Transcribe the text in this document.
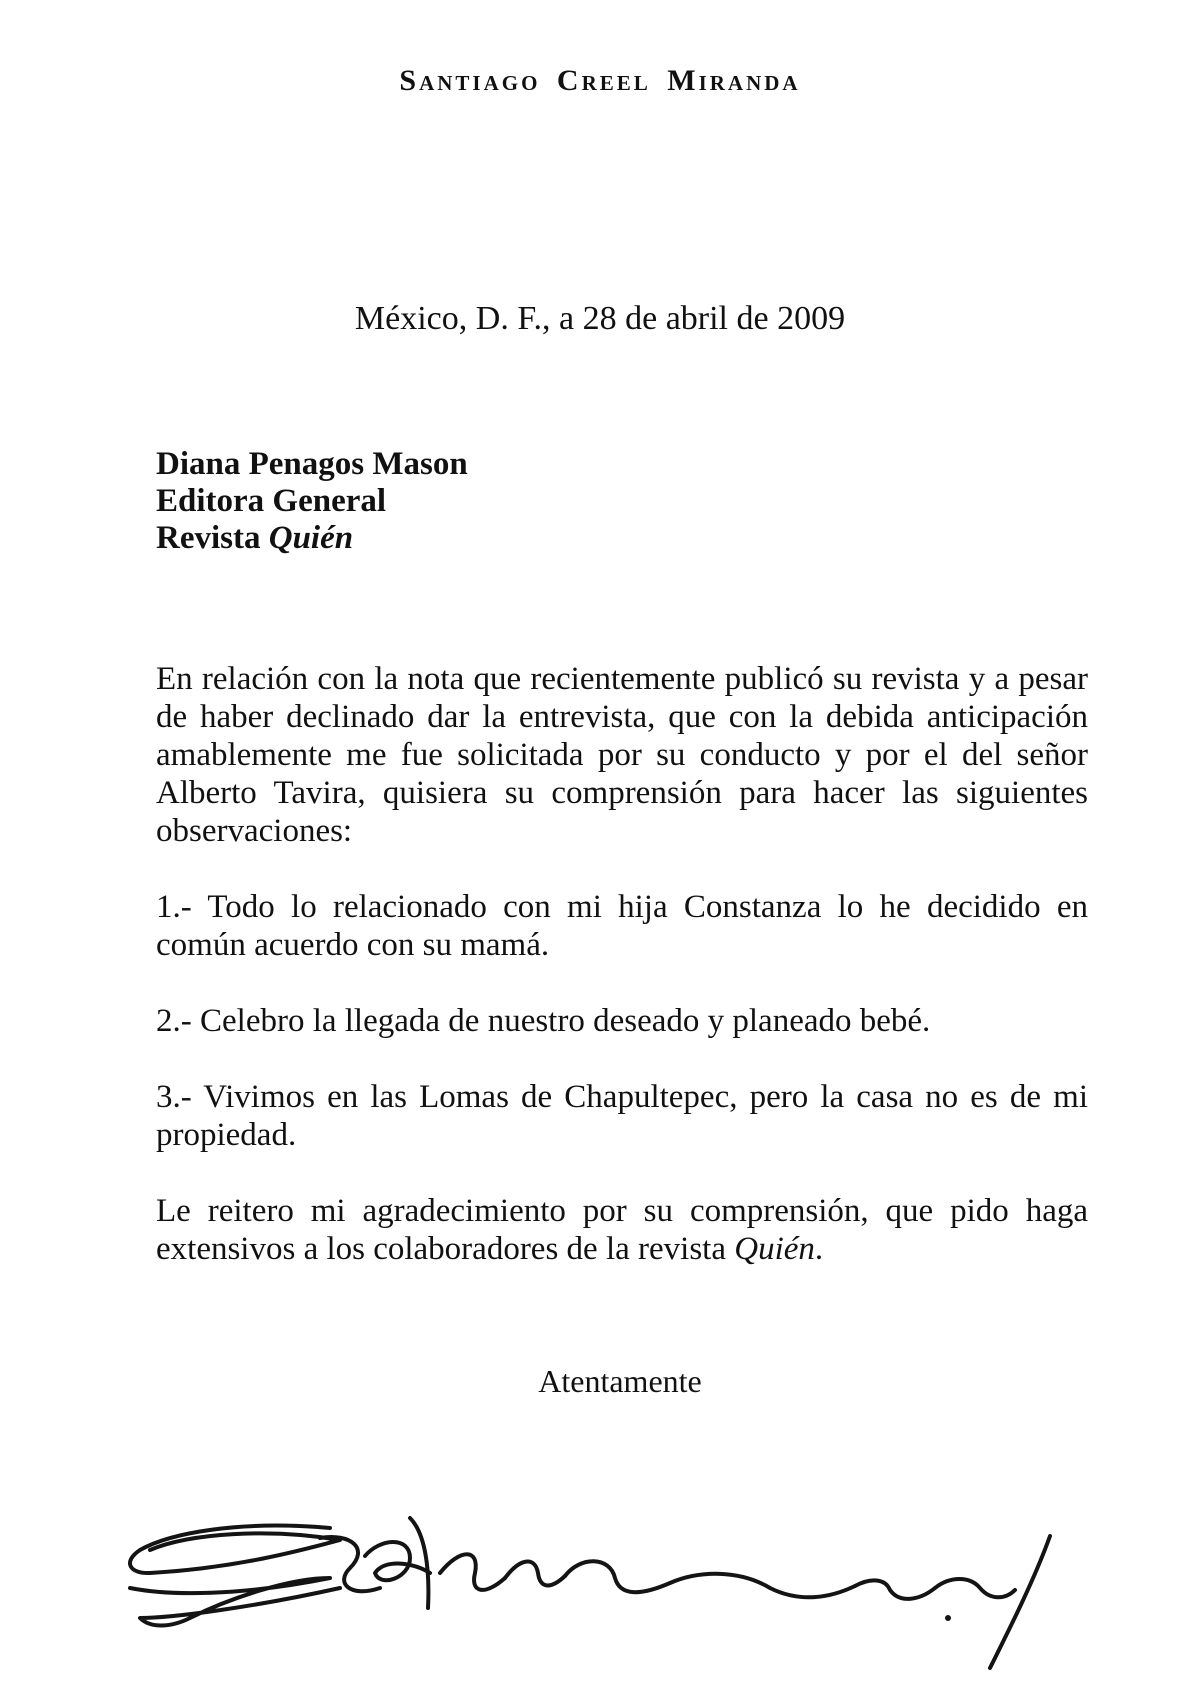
Santiago Creel Miranda
México, D. F., a 28 de abril de 2009
Diana Penagos Mason
Editora General
Revista Quién

En relación con la nota que recientemente publicó su revista y a pesar de haber declinado dar la entrevista, que con la debida anticipación amablemente me fue solicitada por su conducto y por el del señor Alberto Tavira, quisiera su comprensión para hacer las siguientes observaciones:

1.- Todo lo relacionado con mi hija Constanza lo he decidido en común acuerdo con su mamá.

2.- Celebro la llegada de nuestro deseado y planeado bebé.

3.- Vivimos en las Lomas de Chapultepec, pero la casa no es de mi propiedad.

Le reitero mi agradecimiento por su comprensión, que pido haga extensivos a los colaboradores de la revista Quién.

Atentamente
